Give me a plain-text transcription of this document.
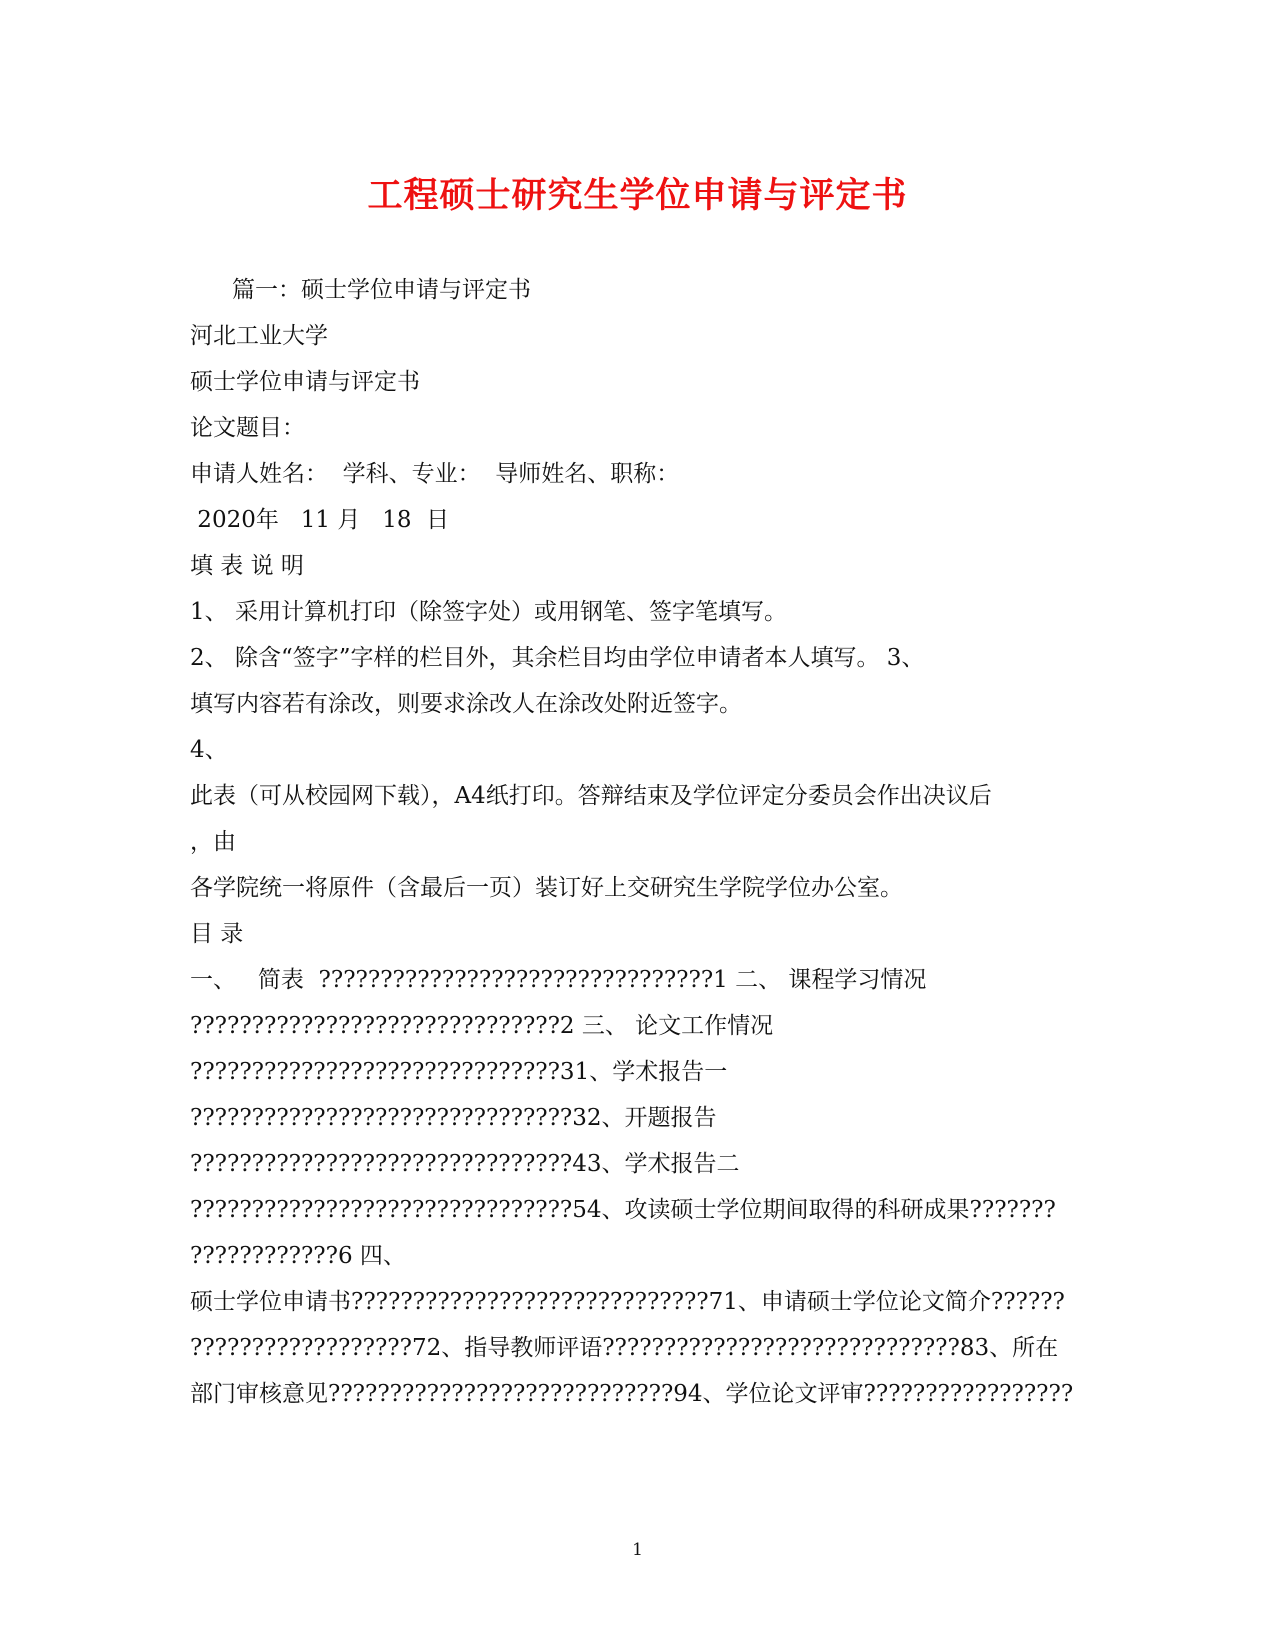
工程硕士研究生学位申请与评定书
篇一：硕士学位申请与评定书
河北工业大学
硕士学位申请与评定书
论文题目：
申请人姓名：  学科、专业：  导师姓名、职称：
2020年   11 月   18  日
填 表 说 明
1、 采用计算机打印（除签字处）或用钢笔、签字笔填写。
2、 除含“签字”字样的栏目外，其余栏目均由学位申请者本人填写。 3、
填写内容若有涂改，则要求涂改人在涂改处附近签字。
4、
此表（可从校园网下载），A4纸打印。答辩结束及学位评定分委员会作出决议后
，由
各学院统一将原件（含最后一页）装订好上交研究生学院学位办公室。
目 录
一、   简表  ????????????????????????????????1 二、 课程学习情况
??????????????????????????????2 三、 论文工作情况
??????????????????????????????31、学术报告一
???????????????????????????????32、开题报告
???????????????????????????????43、学术报告二
???????????????????????????????54、攻读硕士学位期间取得的科研成果???????
????????????6 四、
硕士学位申请书?????????????????????????????71、申请硕士学位论文简介??????
??????????????????72、指导教师评语?????????????????????????????83、所在
部门审核意见????????????????????????????94、学位论文评审?????????????????
1
